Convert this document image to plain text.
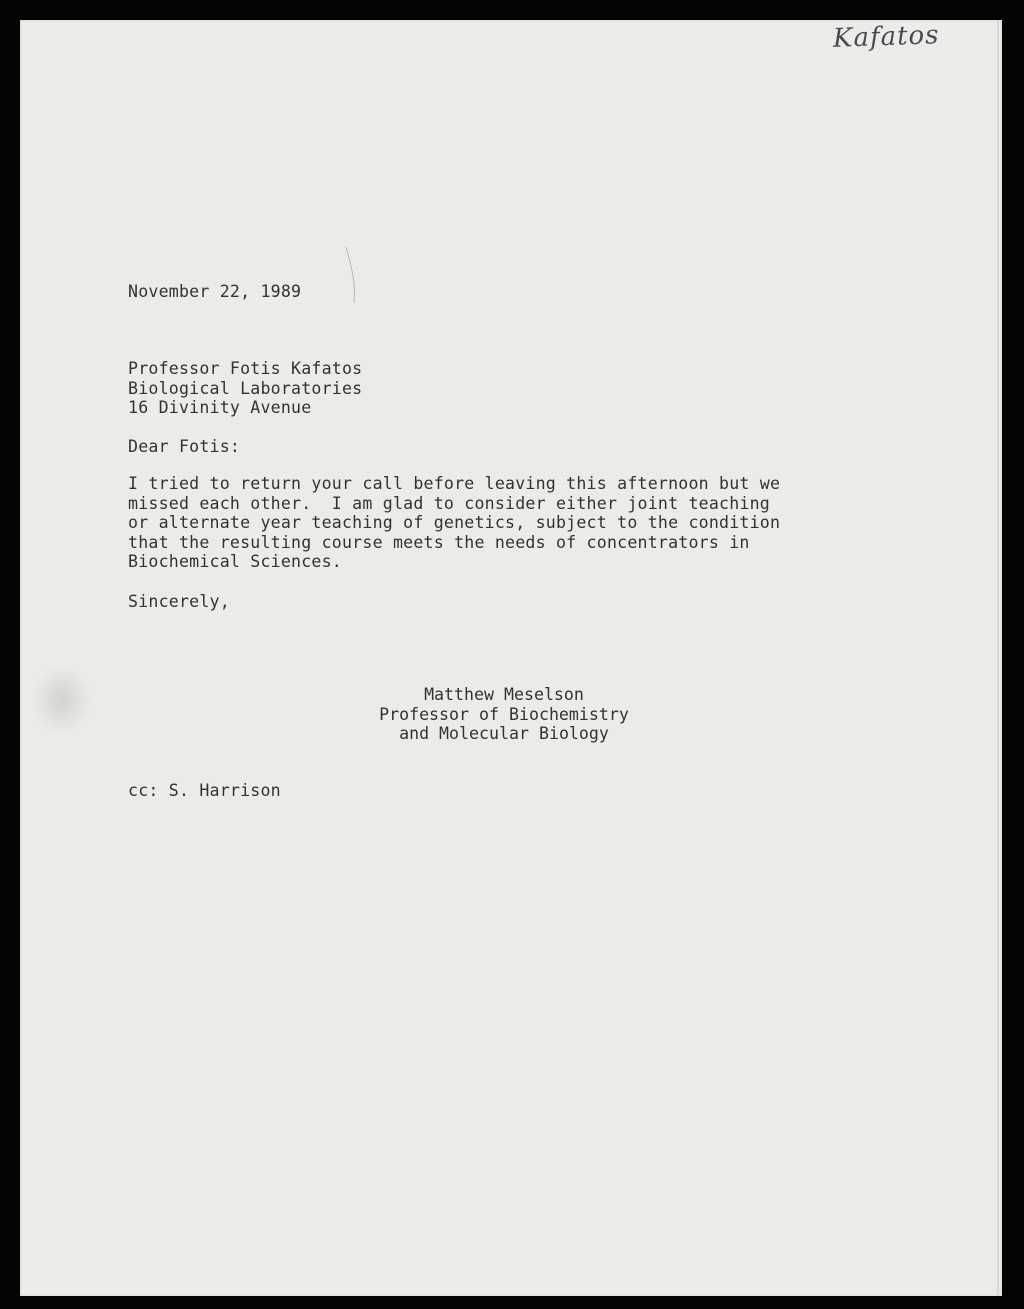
Kafatos
November 22, 1989
Professor Fotis Kafatos
Biological Laboratories
16 Divinity Avenue
Dear Fotis:
I tried to return your call before leaving this afternoon but we
missed each other.  I am glad to consider either joint teaching
or alternate year teaching of genetics, subject to the condition
that the resulting course meets the needs of concentrators in
Biochemical Sciences.
Sincerely,
Matthew Meselson
Professor of Biochemistry
and Molecular Biology
cc: S. Harrison
